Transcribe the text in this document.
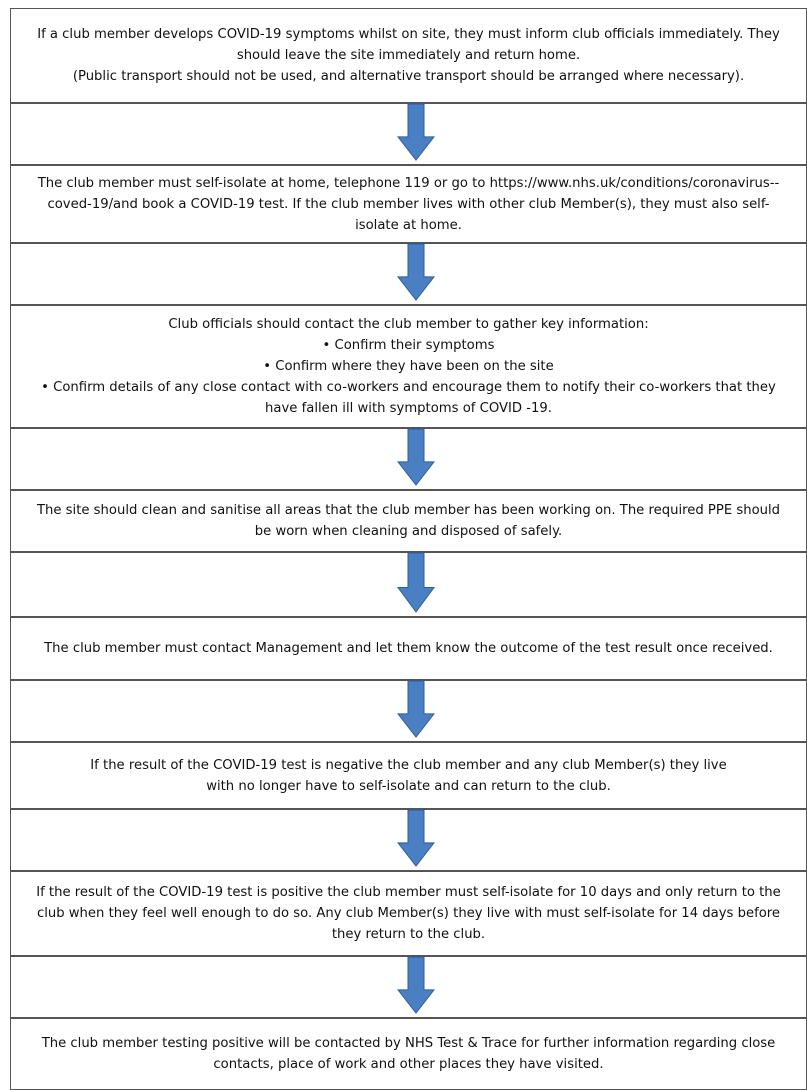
If a club member develops COVID-19 symptoms whilst on site, they must inform club officials immediately. They

should leave the site immediately and return home.

(Public transport should not be used, and alternative transport should be arranged where necessary).

The club member must self-isolate at home, telephone 119 or go to https://www.nhs.uk/conditions/coronavirus--

coved-19/and book a COVID-19 test. If the club member lives with other club Member(s), they must also self-

isolate at home.

Club officials should contact the club member to gather key information:

• Confirm their symptoms

• Confirm where they have been on the site

• Confirm details of any close contact with co-workers and encourage them to notify their co-workers that they

have fallen ill with symptoms of COVID -19.

The site should clean and sanitise all areas that the club member has been working on. The required PPE should

be worn when cleaning and disposed of safely.

The club member must contact Management and let them know the outcome of the test result once received.

If the result of the COVID-19 test is negative the club member and any club Member(s) they live

with no longer have to self-isolate and can return to the club.

If the result of the COVID-19 test is positive the club member must self-isolate for 10 days and only return to the

club when they feel well enough to do so. Any club Member(s) they live with must self-isolate for 14 days before

they return to the club.

The club member testing positive will be contacted by NHS Test & Trace for further information regarding close

contacts, place of work and other places they have visited.
